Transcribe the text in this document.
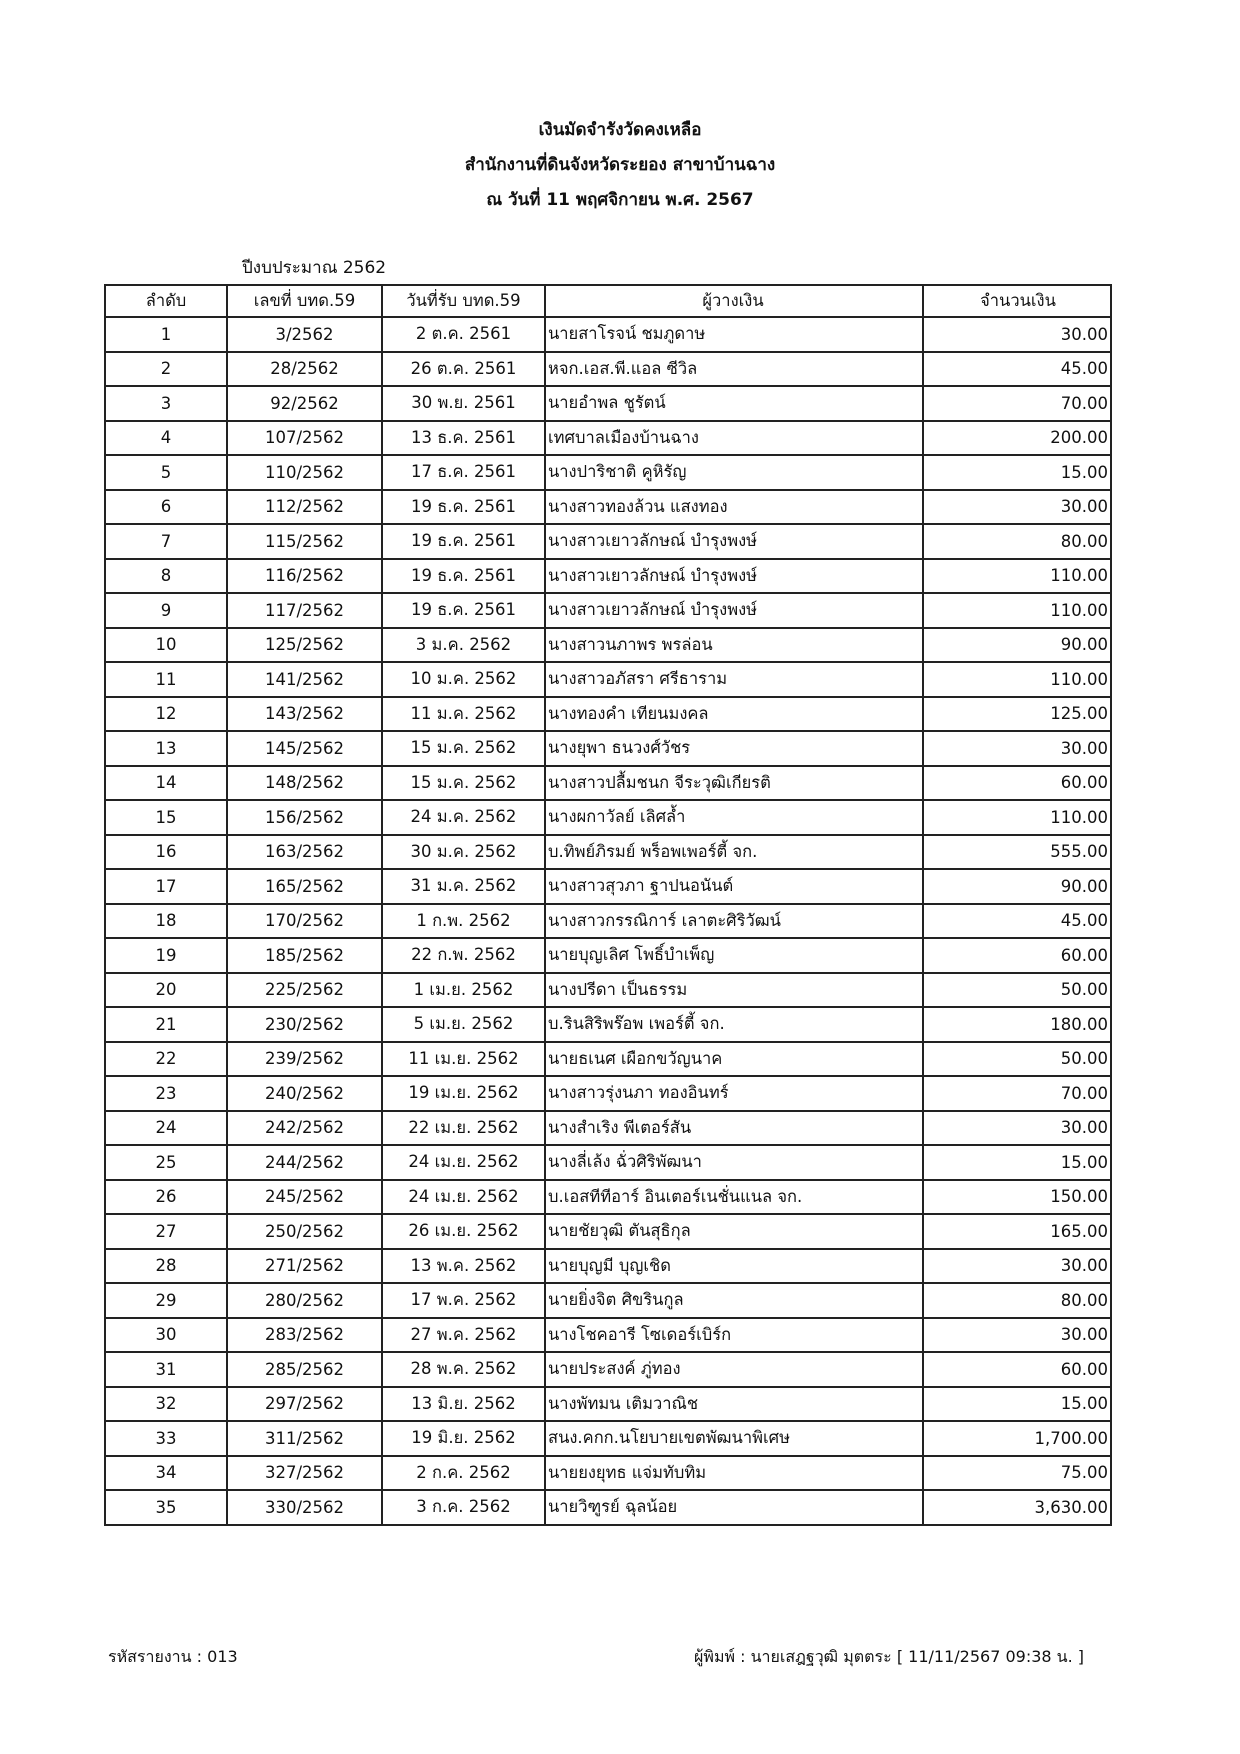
เงินมัดจำรังวัดคงเหลือ
สำนักงานที่ดินจังหวัดระยอง สาขาบ้านฉาง
ณ วันที่ 11 พฤศจิกายน พ.ศ. 2567
ปีงบประมาณ 2562
ลำดับ	เลขที่ บทด.59	วันที่รับ บทด.59	ผู้วางเงิน	จำนวนเงิน
1	3/2562	2 ต.ค. 2561	นายสาโรจน์ ชมภูดาษ	30.00
2	28/2562	26 ต.ค. 2561	หจก.เอส.พี.แอล ซีวิล	45.00
3	92/2562	30 พ.ย. 2561	นายอำพล ชูรัตน์	70.00
4	107/2562	13 ธ.ค. 2561	เทศบาลเมืองบ้านฉาง	200.00
5	110/2562	17 ธ.ค. 2561	นางปาริชาติ คูหิรัญ	15.00
6	112/2562	19 ธ.ค. 2561	นางสาวทองล้วน แสงทอง	30.00
7	115/2562	19 ธ.ค. 2561	นางสาวเยาวลักษณ์ บำรุงพงษ์	80.00
8	116/2562	19 ธ.ค. 2561	นางสาวเยาวลักษณ์ บำรุงพงษ์	110.00
9	117/2562	19 ธ.ค. 2561	นางสาวเยาวลักษณ์ บำรุงพงษ์	110.00
10	125/2562	3 ม.ค. 2562	นางสาวนภาพร พรล่อน	90.00
11	141/2562	10 ม.ค. 2562	นางสาวอภัสรา ศรีธาราม	110.00
12	143/2562	11 ม.ค. 2562	นางทองคำ เทียนมงคล	125.00
13	145/2562	15 ม.ค. 2562	นางยุพา ธนวงศ์วัชร	30.00
14	148/2562	15 ม.ค. 2562	นางสาวปลื้มชนก จีระวุฒิเกียรติ	60.00
15	156/2562	24 ม.ค. 2562	นางผกาวัลย์ เลิศล้ำ	110.00
16	163/2562	30 ม.ค. 2562	บ.ทิพย์ภิรมย์ พร็อพเพอร์ตี้ จก.	555.00
17	165/2562	31 ม.ค. 2562	นางสาวสุวภา ฐาปนอนันต์	90.00
18	170/2562	1 ก.พ. 2562	นางสาวกรรณิการ์ เลาตะศิริวัฒน์	45.00
19	185/2562	22 ก.พ. 2562	นายบุญเลิศ โพธิ์บำเพ็ญ	60.00
20	225/2562	1 เม.ย. 2562	นางปรีดา เป็นธรรม	50.00
21	230/2562	5 เม.ย. 2562	บ.รินสิริพร๊อพ เพอร์ตี้ จก.	180.00
22	239/2562	11 เม.ย. 2562	นายธเนศ เผือกขวัญนาค	50.00
23	240/2562	19 เม.ย. 2562	นางสาวรุ่งนภา ทองอินทร์	70.00
24	242/2562	22 เม.ย. 2562	นางสำเริง พีเตอร์สัน	30.00
25	244/2562	24 เม.ย. 2562	นางลี่เล้ง ฉั่วศิริพัฒนา	15.00
26	245/2562	24 เม.ย. 2562	บ.เอสทีทีอาร์ อินเตอร์เนชั่นแนล จก.	150.00
27	250/2562	26 เม.ย. 2562	นายชัยวุฒิ ตันสุธิกุล	165.00
28	271/2562	13 พ.ค. 2562	นายบุญมี บุญเชิด	30.00
29	280/2562	17 พ.ค. 2562	นายยิ่งจิต ศิขรินกูล	80.00
30	283/2562	27 พ.ค. 2562	นางโชคอารี โซเดอร์เบิร์ก	30.00
31	285/2562	28 พ.ค. 2562	นายประสงค์ ภู่ทอง	60.00
32	297/2562	13 มิ.ย. 2562	นางพัทมน เติมวาณิช	15.00
33	311/2562	19 มิ.ย. 2562	สนง.คกก.นโยบายเขตพัฒนาพิเศษ	1,700.00
34	327/2562	2 ก.ค. 2562	นายยงยุทธ แจ่มทับทิม	75.00
35	330/2562	3 ก.ค. 2562	นายวิฑูรย์ ฉุลน้อย	3,630.00
รหัสรายงาน : 013	ผู้พิมพ์ : นายเสฎฐวุฒิ มุตตระ [ 11/11/2567 09:38 น. ]
